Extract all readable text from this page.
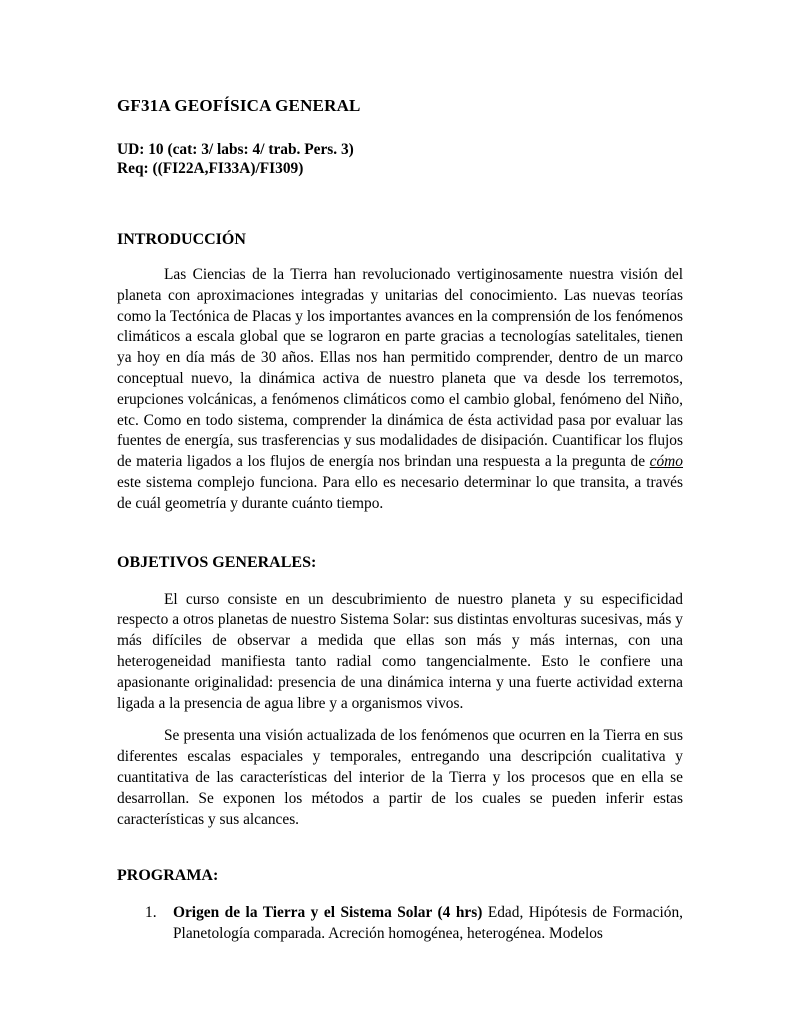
GF31A GEOFÍSICA GENERAL

UD: 10 (cat: 3/ labs: 4/ trab. Pers. 3)

Req: ((FI22A,FI33A)/FI309)

INTRODUCCIÓN

Las Ciencias de la Tierra han revolucionado vertiginosamente nuestra visión del planeta con aproximaciones integradas y unitarias del conocimiento. Las nuevas teorías como la Tectónica de Placas y los importantes avances en la comprensión de los fenómenos climáticos a escala global que se lograron en parte gracias a tecnologías satelitales, tienen ya hoy en día más de 30 años. Ellas nos han permitido comprender, dentro de un marco conceptual nuevo, la dinámica activa de nuestro planeta que va desde los terremotos, erupciones volcánicas, a fenómenos climáticos como el cambio global, fenómeno del Niño, etc. Como en todo sistema, comprender la dinámica de ésta actividad pasa por evaluar las fuentes de energía, sus trasferencias y sus modalidades de disipación. Cuantificar los flujos de materia ligados a los flujos de energía nos brindan una respuesta a la pregunta de cómo este sistema complejo funciona. Para ello es necesario determinar lo que transita, a través de cuál geometría y durante cuánto tiempo.

OBJETIVOS GENERALES:

El curso consiste en un descubrimiento de nuestro planeta y su especificidad respecto a otros planetas de nuestro Sistema Solar: sus distintas envolturas sucesivas, más y más difíciles de observar a medida que ellas son más y más internas, con una heterogeneidad manifiesta tanto radial como tangencialmente. Esto le confiere una apasionante originalidad: presencia de una dinámica interna y una fuerte actividad externa ligada a la presencia de agua libre y a organismos vivos.

Se presenta una visión actualizada de los fenómenos que ocurren en la Tierra en sus diferentes escalas espaciales y temporales, entregando una descripción cualitativa y cuantitativa de las características del interior de la Tierra y los procesos que en ella se desarrollan. Se exponen los métodos a partir de los cuales se pueden inferir estas características y sus alcances.

PROGRAMA:
1.	Origen de la Tierra y el Sistema Solar (4 hrs) Edad, Hipótesis de Formación, Planetología comparada. Acreción homogénea, heterogénea. Modelos
